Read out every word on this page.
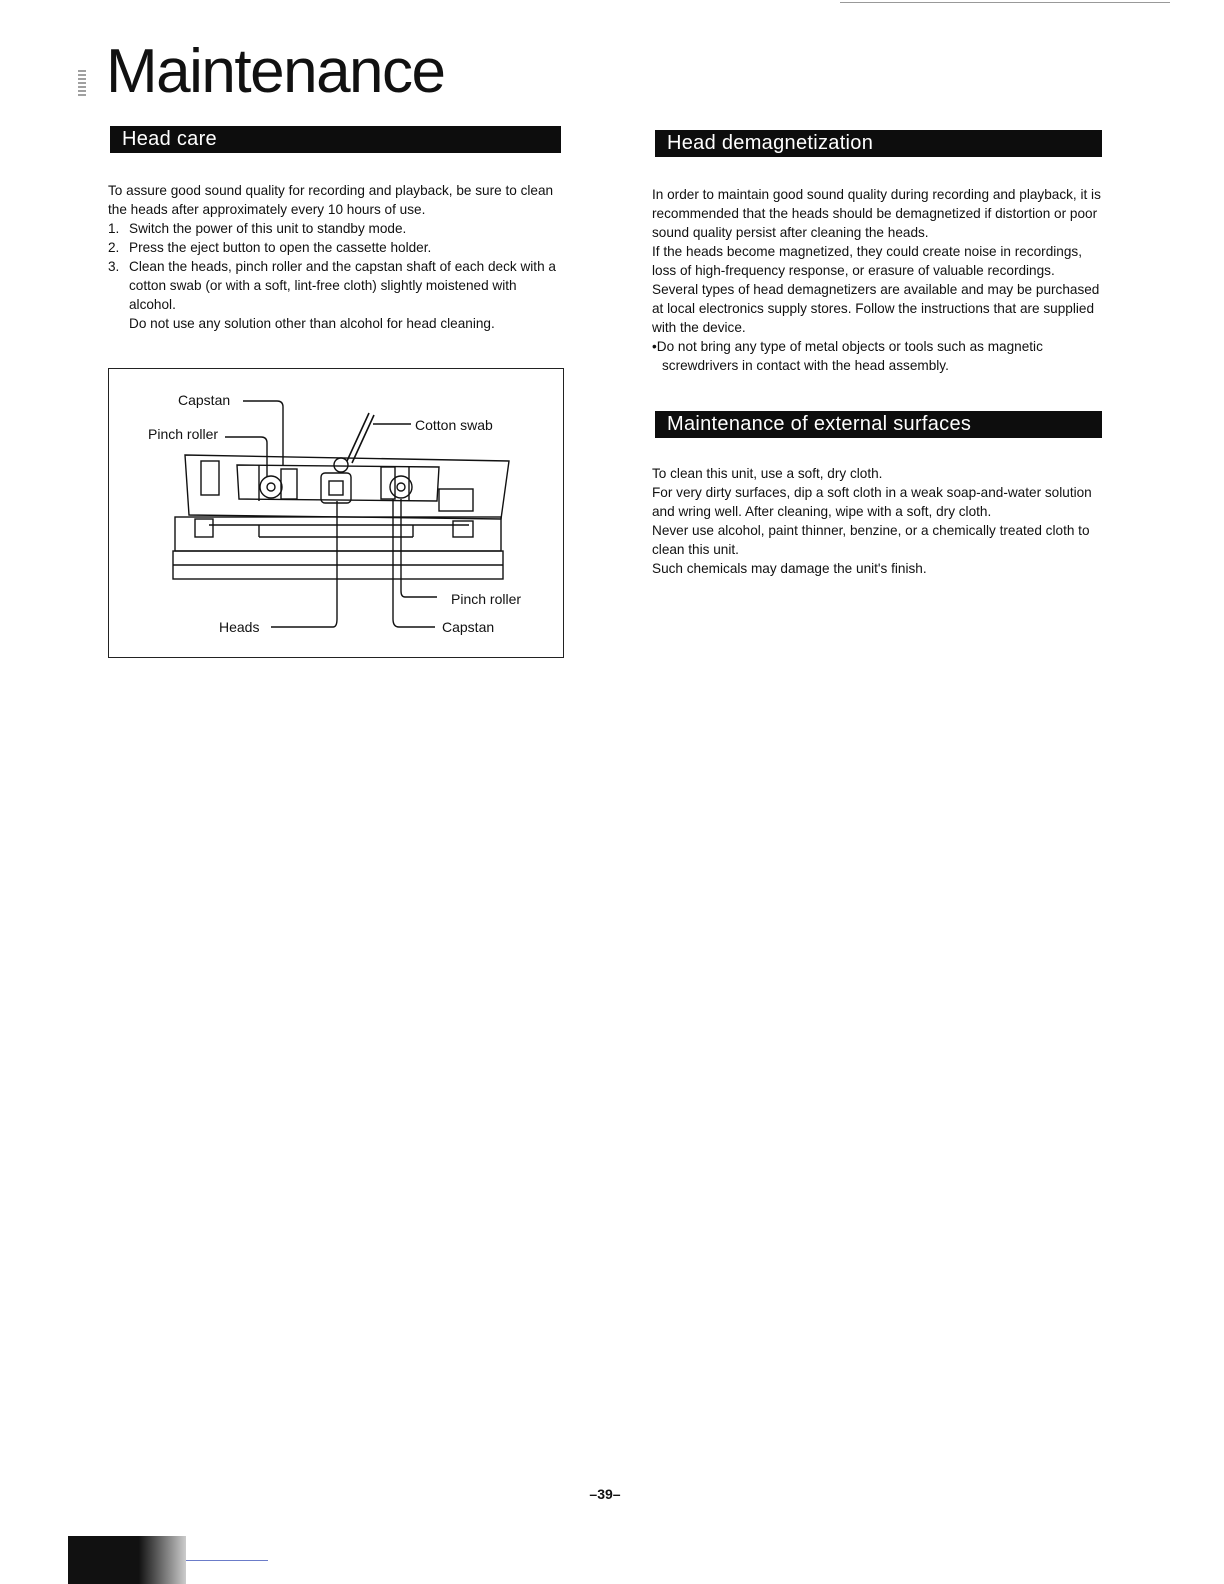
Maintenance
Head care

To assure good sound quality for recording and playback, be sure to clean the heads after approximately every 10 hours of use.

1. Switch the power of this unit to standby mode.
2. Press the eject button to open the cassette holder.
3. Clean the heads, pinch roller and the capstan shaft of each deck with a cotton swab (or with a soft, lint-free cloth) slightly moistened with alcohol.

Do not use any solution other than alcohol for head cleaning.

Capstan
Pinch roller
Cotton swab
Pinch roller
Heads	Capstan
Head demagnetization

In order to maintain good sound quality during recording and playback, it is recommended that the heads should be demagnetized if distortion or poor sound quality persist after cleaning the heads.

If the heads become magnetized, they could create noise in recordings, loss of high-frequency response, or erasure of valuable recordings. Several types of head demagnetizers are available and may be purchased at local electronics supply stores. Follow the instructions that are supplied with the device.

•Do not bring any type of metal objects or tools such as magnetic screwdrivers in contact with the head assembly.

Maintenance of external surfaces

To clean this unit, use a soft, dry cloth.

For very dirty surfaces, dip a soft cloth in a weak soap-and-water solution and wring well. After cleaning, wipe with a soft, dry cloth.

Never use alcohol, paint thinner, benzine, or a chemically treated cloth to clean this unit.

Such chemicals may damage the unit's finish.

–39–
